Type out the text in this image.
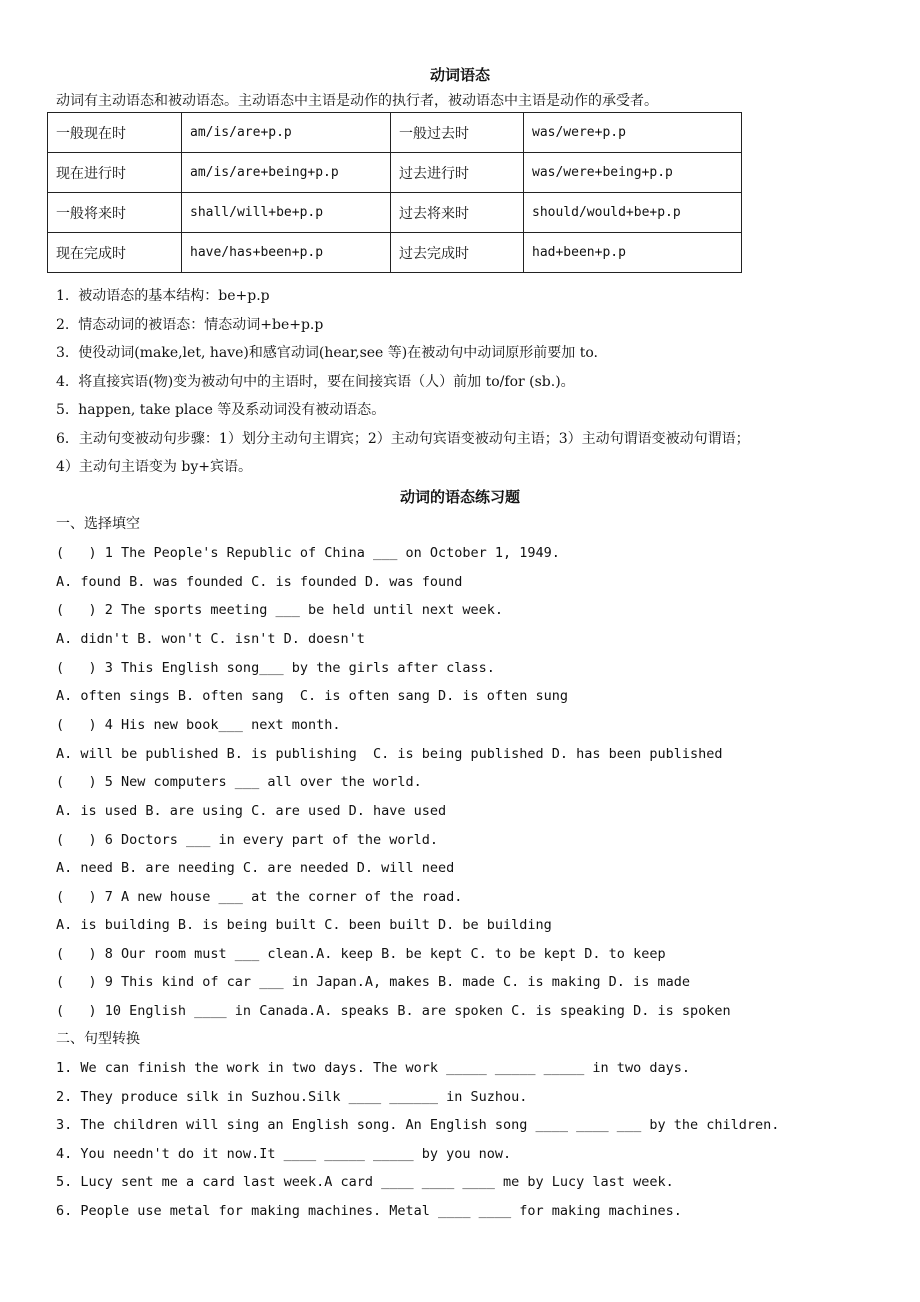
动词语态
动词有主动语态和被动语态。主动语态中主语是动作的执行者，被动语态中主语是动作的承受者。
一般现在时	am/is/are+p.p	一般过去时	was/were+p.p
现在进行时	am/is/are+being+p.p	过去进行时	was/were+being+p.p
一般将来时	shall/will+be+p.p	过去将来时	should/would+be+p.p
现在完成时	have/has+been+p.p	过去完成时	had+been+p.p
1.  被动语态的基本结构：be+p.p
2.  情态动词的被语态：情态动词+be+p.p
3.  使役动词(make,let, have)和感官动词(hear,see 等)在被动句中动词原形前要加 to.
4.  将直接宾语(物)变为被动句中的主语时，要在间接宾语（人）前加 to/for (sb.)。
5.  happen, take place 等及系动词没有被动语态。
6．主动句变被动句步骤：1）划分主动句主谓宾；2）主动句宾语变被动句主语；3）主动句谓语变被动句谓语；
4）主动句主语变为 by+宾语。
动词的语态练习题
一、选择填空
(   ) 1 The People's Republic of China ___ on October 1, 1949.
A. found B. was founded C. is founded D. was found
(   ) 2 The sports meeting ___ be held until next week.
A. didn't B. won't C. isn't D. doesn't
(   ) 3 This English song___ by the girls after class.
A. often sings B. often sang  C. is often sang D. is often sung
(   ) 4 His new book___ next month.
A. will be published B. is publishing  C. is being published D. has been published
(   ) 5 New computers ___ all over the world.
A. is used B. are using C. are used D. have used
(   ) 6 Doctors ___ in every part of the world.
A. need B. are needing C. are needed D. will need
(   ) 7 A new house ___ at the corner of the road.
A. is building B. is being built C. been built D. be building
(   ) 8 Our room must ___ clean.A. keep B. be kept C. to be kept D. to keep
(   ) 9 This kind of car ___ in Japan.A, makes B. made C. is making D. is made
(   ) 10 English ____ in Canada.A. speaks B. are spoken C. is speaking D. is spoken
二、句型转换
1. We can finish the work in two days. The work _____ _____ _____ in two days.
2. They produce silk in Suzhou.Silk ____ ______ in Suzhou.
3. The children will sing an English song. An English song ____ ____ ___ by the children.
4. You needn't do it now.It ____ _____ _____ by you now.
5. Lucy sent me a card last week.A card ____ ____ ____ me by Lucy last week.
6. People use metal for making machines. Metal ____ ____ for making machines.
